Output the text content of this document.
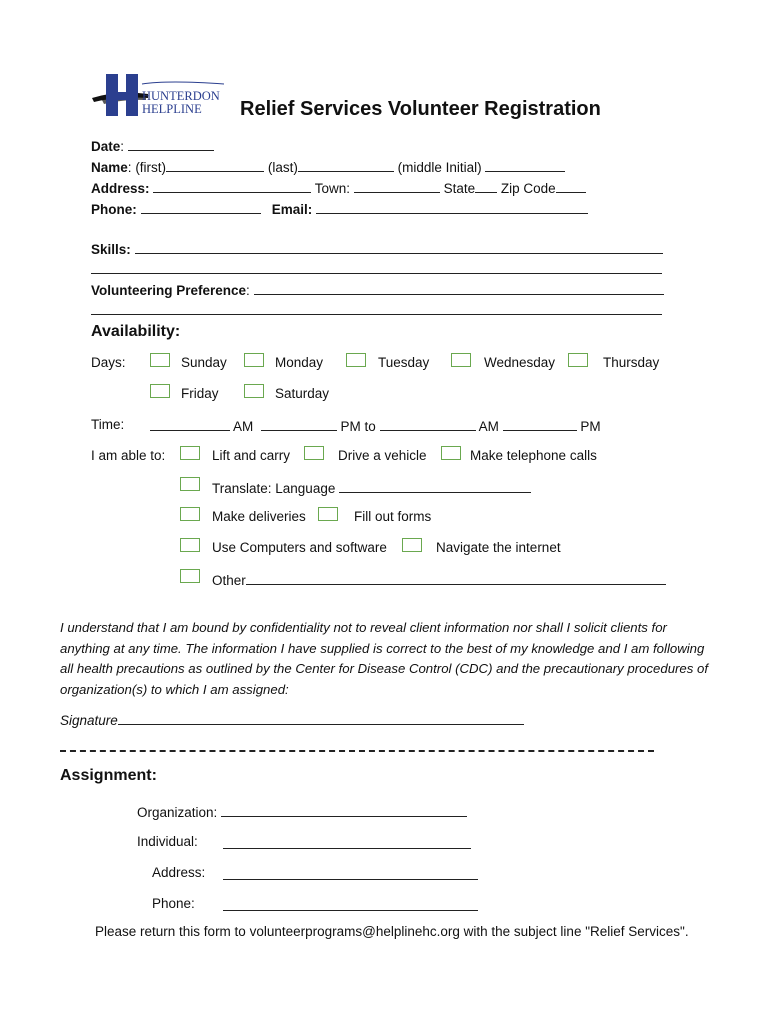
HUNTERDON
HELPLINE Relief Services Volunteer Registration
Date:
Name: (first)	(last)	(middle Initial)
Address:	Town:	State Zip Code
Phone:	Email:
Skills:
Volunteering Preference:
Availability:
Days:	Sunday	Monday	Tuesday	Wednesday	Thursday
Friday	Saturday
Time:	AM	PM to	AM	PM
I am able to:	Lift and carry	Drive a vehicle	Make telephone calls
Translate: Language
Make deliveries	Fill out forms
Use Computers and software	Navigate the internet
Other
I understand that I am bound by confidentiality not to reveal client information nor shall I solicit clients for anything at any time. The information I have supplied is correct to the best of my knowledge and I am following all health precautions as outlined by the Center for Disease Control (CDC) and the precautionary procedures of organization(s) to which I am assigned:
Signature
Assignment:
Organization:
Individual:
Address:
Phone:
Please return this form to volunteerprograms@helplinehc.org with the subject line "Relief Services".
